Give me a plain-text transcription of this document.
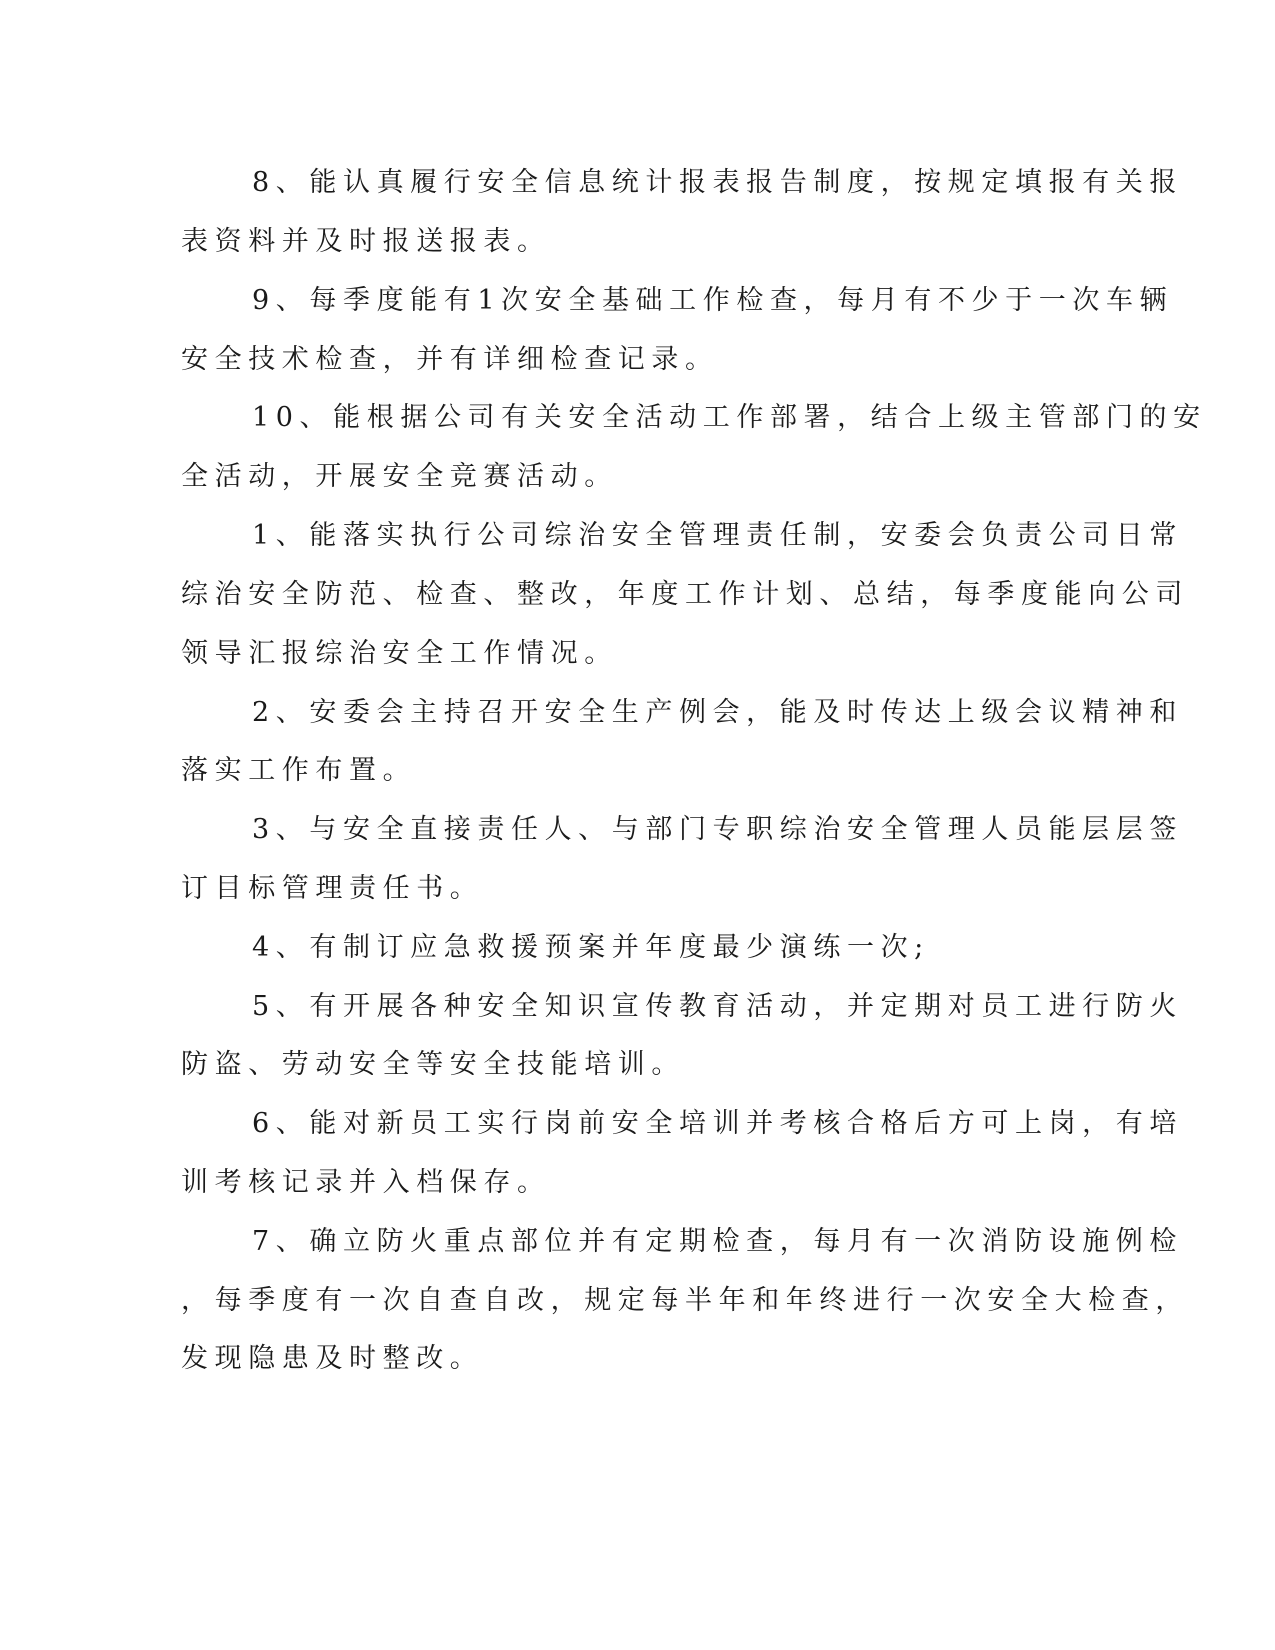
8、能认真履行安全信息统计报表报告制度，按规定填报有关报

表资料并及时报送报表。

9、每季度能有1次安全基础工作检查，每月有不少于一次车辆

安全技术检查，并有详细检查记录。

10、能根据公司有关安全活动工作部署，结合上级主管部门的安

全活动，开展安全竞赛活动。

1、能落实执行公司综治安全管理责任制，安委会负责公司日常

综治安全防范、检查、整改，年度工作计划、总结，每季度能向公司

领导汇报综治安全工作情况。

2、安委会主持召开安全生产例会，能及时传达上级会议精神和

落实工作布置。

3、与安全直接责任人、与部门专职综治安全管理人员能层层签

订目标管理责任书。

4、有制订应急救援预案并年度最少演练一次;

5、有开展各种安全知识宣传教育活动，并定期对员工进行防火

防盗、劳动安全等安全技能培训。

6、能对新员工实行岗前安全培训并考核合格后方可上岗，有培

训考核记录并入档保存。

7、确立防火重点部位并有定期检查，每月有一次消防设施例检

，每季度有一次自查自改，规定每半年和年终进行一次安全大检查，

发现隐患及时整改。
